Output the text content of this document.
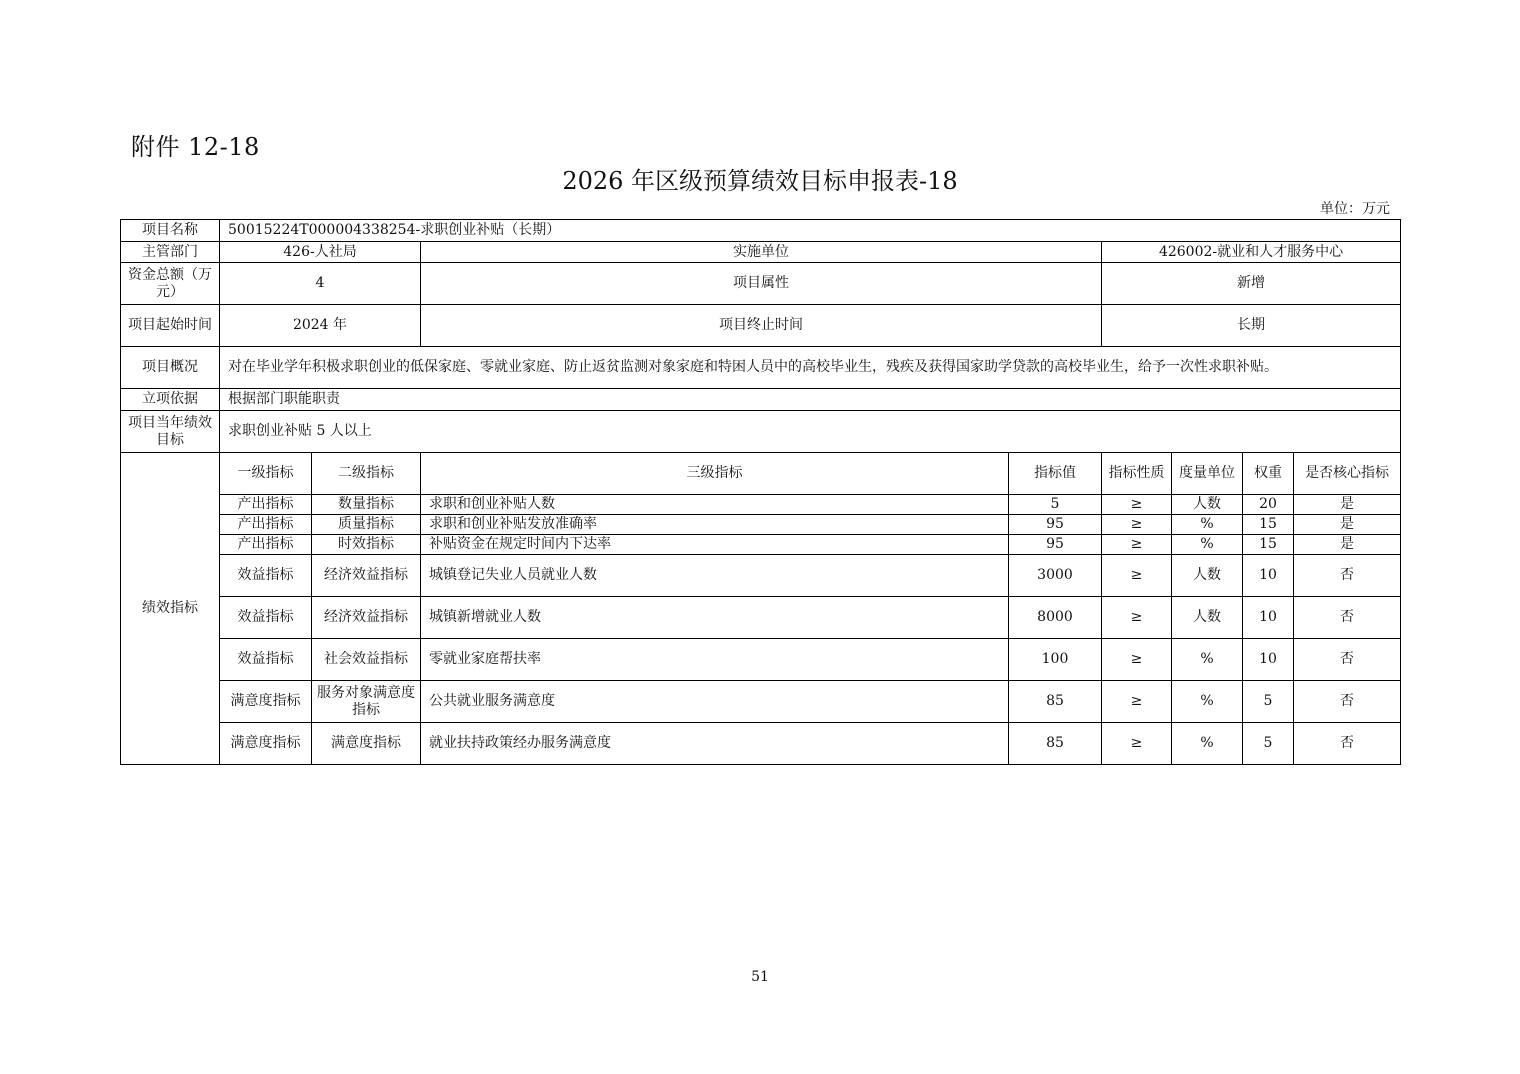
附件 12-18
2026 年区级预算绩效目标申报表-18
单位：万元
项目名称	50015224T000004338254-求职创业补贴（长期）							
主管部门	426-人社局		实施单位		426002-就业和人才服务中心			
资金总额（万元）	4		项目属性		新增			
项目起始时间	2024 年		项目终止时间		长期			
项目概况	对在毕业学年积极求职创业的低保家庭、零就业家庭、防止返贫监测对象家庭和特困人员中的高校毕业生，残疾及获得国家助学贷款的高校毕业生，给予一次性求职补贴。							
立项依据	根据部门职能职责							
项目当年绩效目标	求职创业补贴 5 人以上							
绩效指标	一级指标	二级指标	三级指标	指标值	指标性质	度量单位	权重	是否核心指标
	产出指标	数量指标	求职和创业补贴人数	5	≥	人数	20	是
	产出指标	质量指标	求职和创业补贴发放准确率	95	≥	%	15	是
	产出指标	时效指标	补贴资金在规定时间内下达率	95	≥	%	15	是
	效益指标	经济效益指标	城镇登记失业人员就业人数	3000	≥	人数	10	否
	效益指标	经济效益指标	城镇新增就业人数	8000	≥	人数	10	否
	效益指标	社会效益指标	零就业家庭帮扶率	100	≥	%	10	否
	满意度指标	服务对象满意度指标	公共就业服务满意度	85	≥	%	5	否
	满意度指标	满意度指标	就业扶持政策经办服务满意度	85	≥	%	5	否
51
